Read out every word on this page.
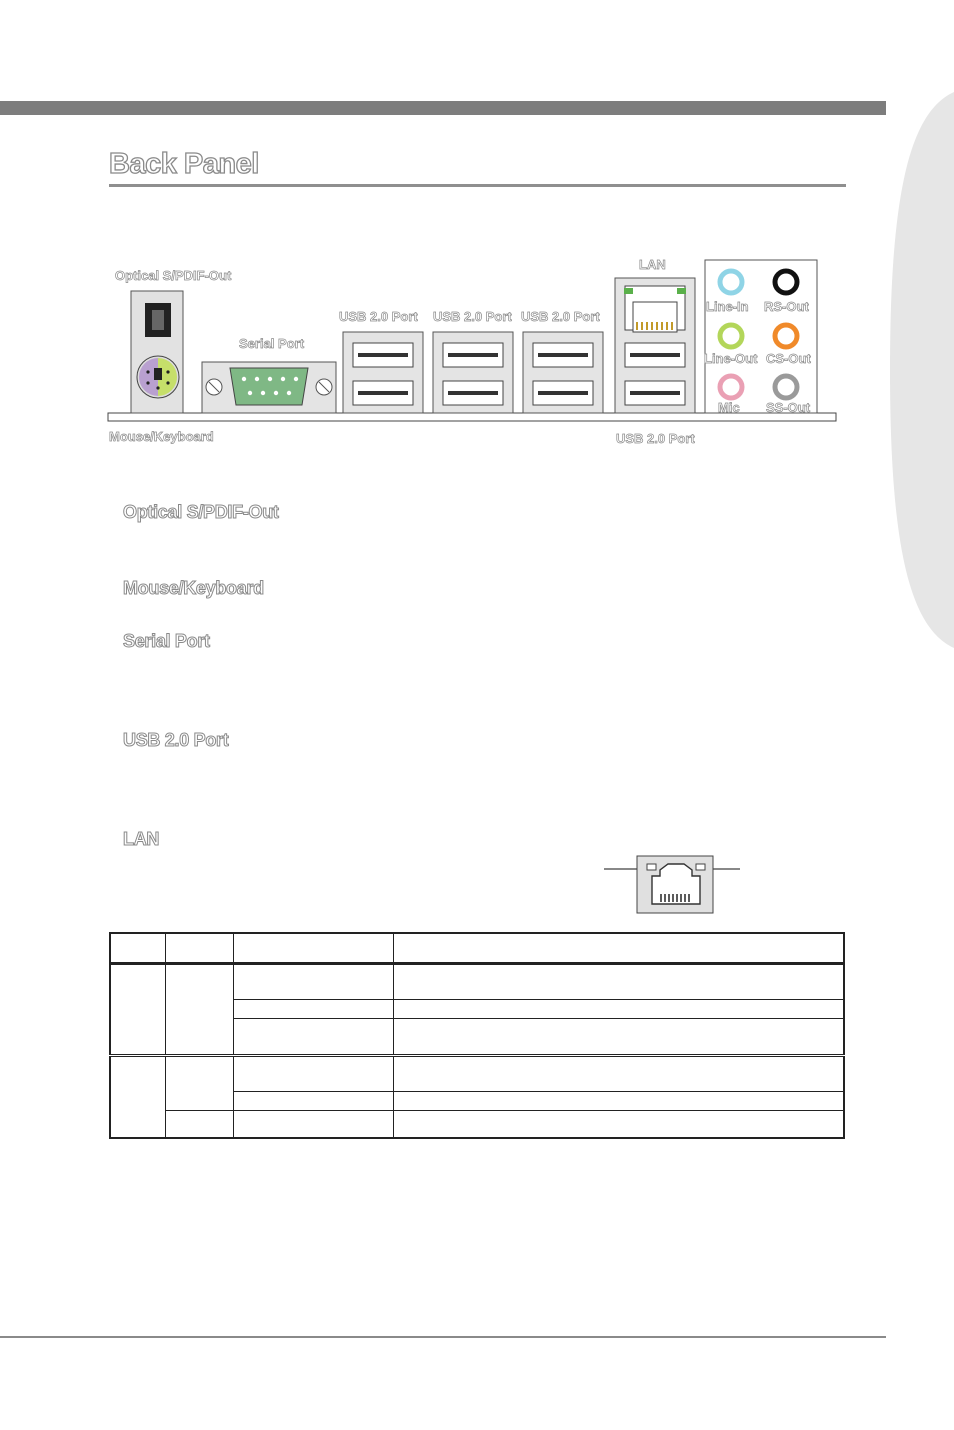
Back Panel
Optical S/PDIF-Out
Mouse/Keyboard
Serial Port
USB 2.0 Port USB 2.0 Port USB 2.0 Port
LAN
USB 2.0 Port
Line-In RS-Out
Line-Out CS-Out
Mic SS-Out
Optical S/PDIF-Out
Mouse/Keyboard
Serial Port
USB 2.0 Port
LAN
